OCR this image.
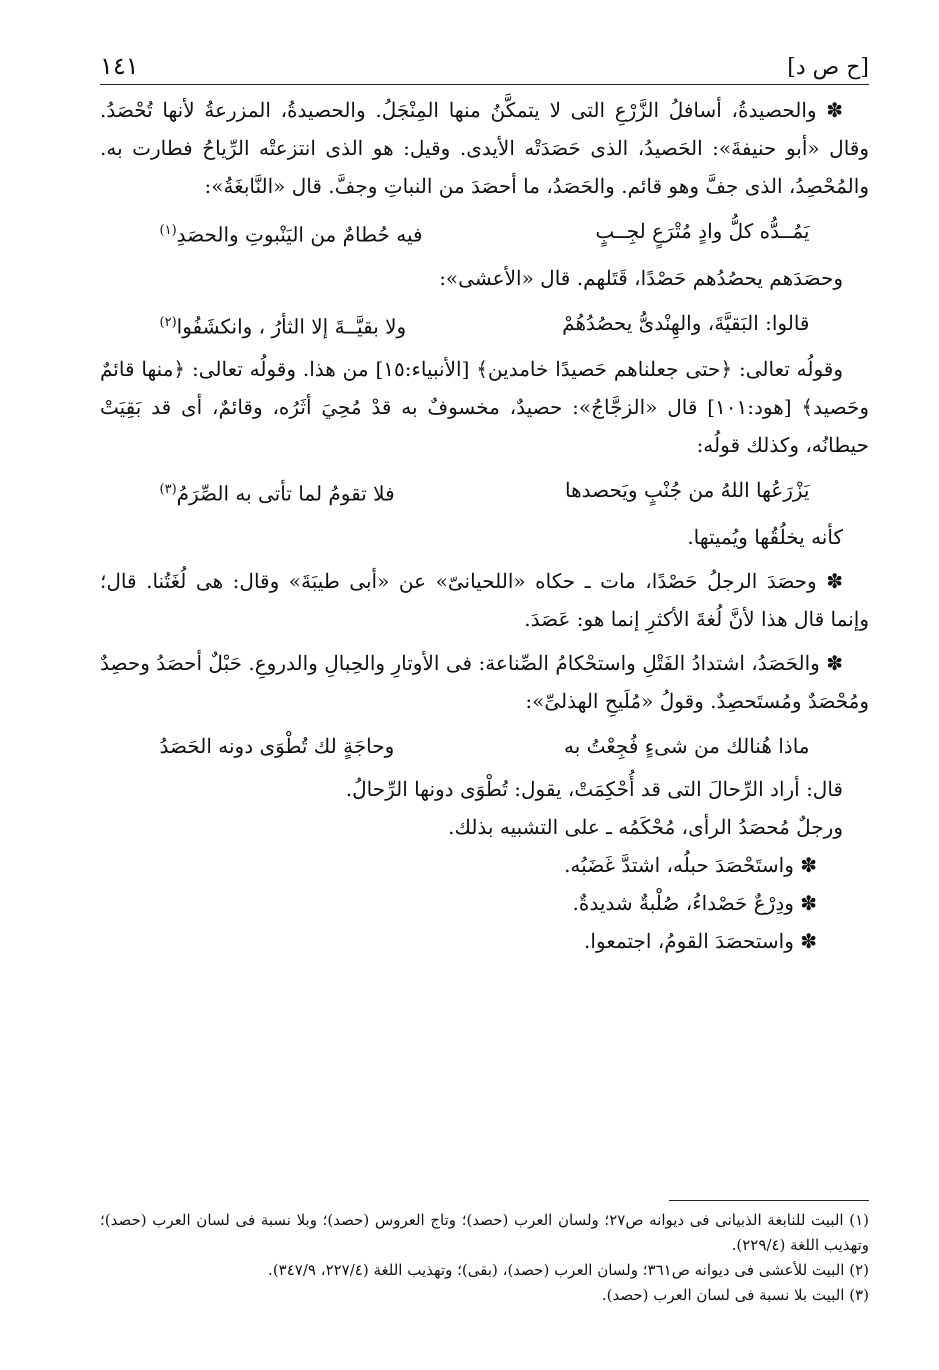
[ح ص د]
١٤١

✽ والحصيدةُ، أسافلُ الزَّرْعِ التى لا يتمكَّنُ منها المِنْجَلُ. والحصيدةُ، المزرعةُ لأنها تُحْصَدُ. وقال «أبو حنيفةَ»: الحَصيدُ، الذى حَصَدَتْه الأيدى. وقيل: هو الذى انتزعتْه الرِّياحُ فطارت به. والمُحْصِدُ، الذى جفَّ وهو قائم. والحَصَدُ، ما أحصَدَ من النباتِ وجفَّ. قال «النَّابغَةُ»:

يَمُــدُّه كلُّ وادٍ مُتْرَعٍ لجِــبٍ
فيه حُطامٌ من اليَنْبوتِ والحصَدِ$^{(١)}$

وحصَدَهم يحصُدُهم حَصْدًا، قَتَلهم. قال «الأعشى»:

قالوا: البَقيَّةَ، والهِنْدىُّ يحصُدُهُمْ
ولا بقيَّــةَ إلا الثأرُ ، وانكشَفُوا$^{(٢)}$

وقولُه تعالى: ﴿حتى جعلناهم حَصيدًا خامدين﴾ [الأنبياء:١٥] من هذا. وقولُه تعالى: ﴿منها قائمٌ وحَصيد﴾ [هود:١٠١] قال «الزجَّاجُ»: حصيدٌ، مخسوفٌ به قدْ مُحِيَ أثَرُه، وقائمٌ، أى قد بَقِيَتْ حيطانُه، وكذلك قولُه:

يَزْرَعُها اللهُ من جُنْبٍ ويَحصدها
فلا تقومُ لما تأتى به الصِّرَمُ$^{(٣)}$

كأنه يخلُقُها ويُميتها.

✽ وحصَدَ الرجلُ حَصْدًا، مات ـ حكاه «اللحيانىّ» عن «أبى طيبَةَ» وقال: هى لُغَتُنا. قال؛ وإنما قال هذا لأنَّ لُغةَ الأكثرِ إنما هو: عَصَدَ.

✽ والحَصَدُ، اشتدادُ الفَتْلِ واستحْكامُ الصِّناعة: فى الأوتارِ والحِبالِ والدروعِ. حَبْلٌ أحصَدُ وحصِدٌ ومُحْصَدٌ ومُستَحصِدٌ. وقولُ «مُلَيحِ الهذلىِّ»:

ماذا هُنالك من شىءٍ فُجِعْتُ به
وحاجَةٍ لك تُطْوَى دونه الحَصَدُ

قال: أراد الرِّحالَ التى قد أُحْكِمَتْ، يقول: تُطْوَى دونها الرِّحالُ.

ورجلٌ مُحصَدُ الرأى، مُحْكَمُه ـ على التشبيه بذلك.

✽ واستَحْصَدَ حبلُه، اشتدَّ غَضَبُه.

✽ ودِرْعٌ حَصْداءُ، صُلْبةٌ شديدةٌ.

✽ واستحصَدَ القومُ، اجتمعوا.

(١) البيت للنابغة الذبيانى فى ديوانه ص٢٧؛ ولسان العرب (حصد)؛ وتاج العروس (حصد)؛ وبلا نسبة فى لسان العرب (حصد)؛ وتهذيب اللغة (٢٢٩/٤).

(٢) البيت للأعشى فى ديوانه ص٣٦١؛ ولسان العرب (حصد)، (بقى)؛ وتهذيب اللغة (٢٢٧/٤، ٣٤٧/٩).

(٣) البيت بلا نسبة فى لسان العرب (حصد).
